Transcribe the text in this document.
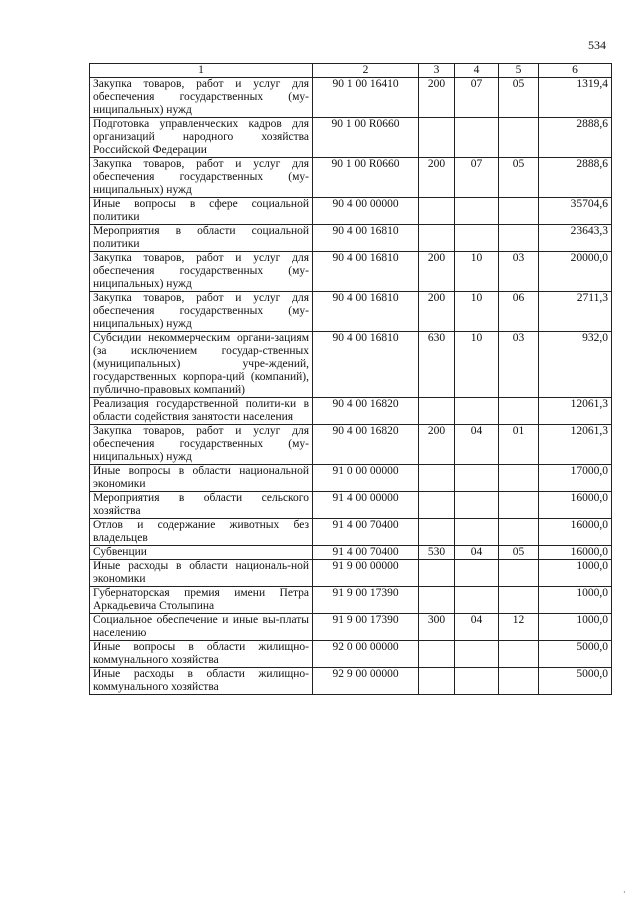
534
1	2	3	4	5	6
Закупка товаров, работ и услуг для обеспечения государственных (му-ниципальных) нужд	90 1 00 16410	200	07	05	1319,4
Подготовка управленческих кадров для организаций народного хозяйства Российской Федерации	90 1 00 R0660				2888,6
Закупка товаров, работ и услуг для обеспечения государственных (му-ниципальных) нужд	90 1 00 R0660	200	07	05	2888,6
Иные вопросы в сфере социальной политики	90 4 00 00000				35704,6
Мероприятия в области социальной политики	90 4 00 16810				23643,3
Закупка товаров, работ и услуг для обеспечения государственных (му-ниципальных) нужд	90 4 00 16810	200	10	03	20000,0
Закупка товаров, работ и услуг для обеспечения государственных (му-ниципальных) нужд	90 4 00 16810	200	10	06	2711,3
Субсидии некоммерческим органи-зациям (за исключением государ-ственных (муниципальных) учре-ждений, государственных корпора-ций (компаний), публично-правовых компаний)	90 4 00 16810	630	10	03	932,0
Реализация государственной полити-ки в области содействия занятости населения	90 4 00 16820				12061,3
Закупка товаров, работ и услуг для обеспечения государственных (му-ниципальных) нужд	90 4 00 16820	200	04	01	12061,3
Иные вопросы в области национальной экономики	91 0 00 00000				17000,0
Мероприятия в области сельского хозяйства	91 4 00 00000				16000,0
Отлов и содержание животных без владельцев	91 4 00 70400				16000,0
Субвенции	91 4 00 70400	530	04	05	16000,0
Иные расходы в области националь-ной экономики	91 9 00 00000				1000,0
Губернаторская премия имени Петра Аркадьевича Столыпина	91 9 00 17390				1000,0
Социальное обеспечение и иные вы-платы населению	91 9 00 17390	300	04	12	1000,0
Иные вопросы в области жилищно-коммунального хозяйства	92 0 00 00000				5000,0
Иные расходы в области жилищно-коммунального хозяйства	92 9 00 00000				5000,0
·
